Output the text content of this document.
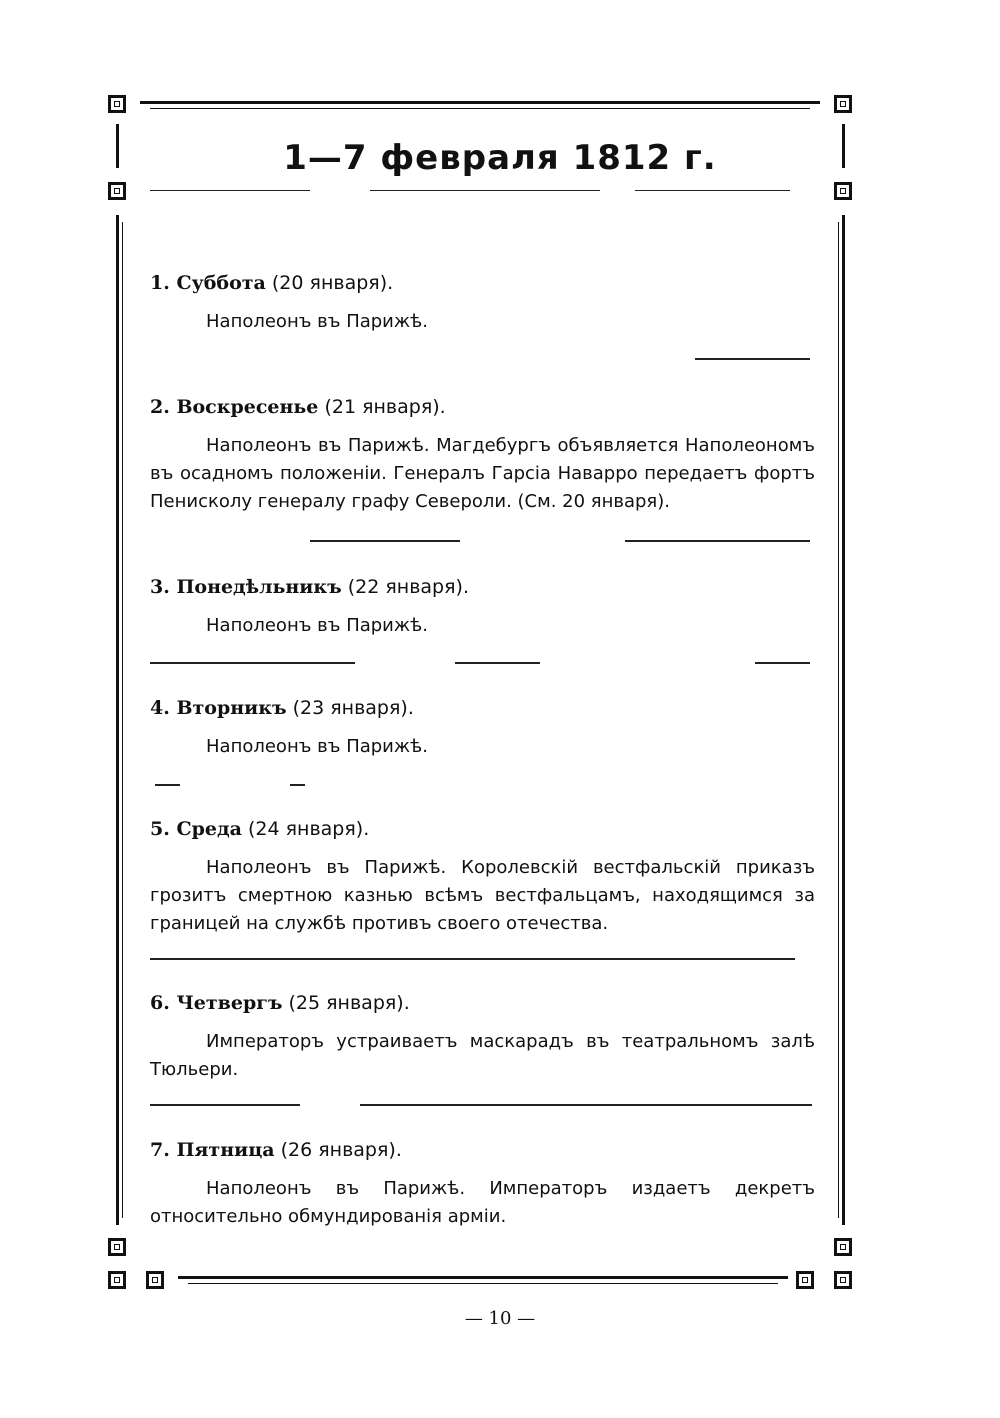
1—7 февраля 1812 г.
1. Суббота (20 января).
Наполеонъ въ Парижѣ.
2. Воскресенье (21 января).
Наполеонъ въ Парижѣ. Магдебургъ объявляется Наполеономъ въ осадномъ положеніи. Генералъ Гарсіа Наварро передаетъ фортъ Пенисколу генералу графу Североли. (См. 20 января).
3. Понедѣльникъ (22 января).
Наполеонъ въ Парижѣ.
4. Вторникъ (23 января).
Наполеонъ въ Парижѣ.
5. Среда (24 января).
Наполеонъ въ Парижѣ. Королевскій вестфальскій приказъ грозитъ смертною казнью всѣмъ вестфальцамъ, находящимся за границей на службѣ противъ своего отечества.
6. Четвергъ (25 января).
Императоръ устраиваетъ маскарадъ въ театральномъ залѣ Тюльери.
7. Пятница (26 января).
Наполеонъ въ Парижѣ. Императоръ издаетъ декретъ относительно обмундированія арміи.
— 10 —
